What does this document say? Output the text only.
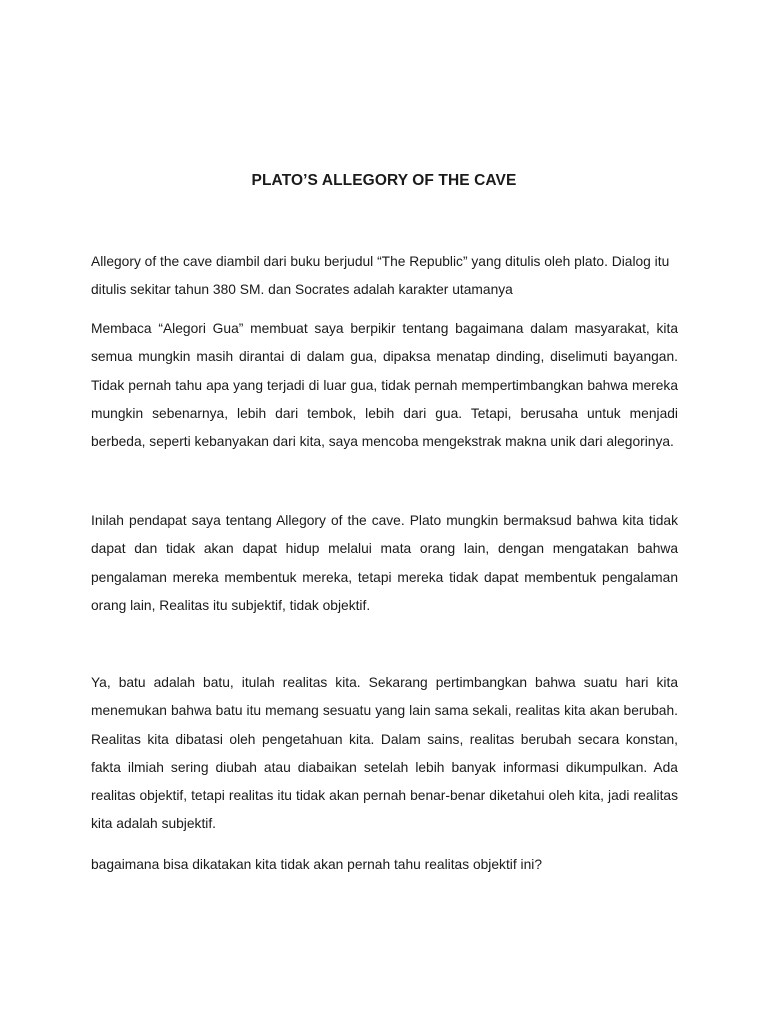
PLATO’S ALLEGORY OF THE CAVE

Allegory of the cave diambil dari buku berjudul “The Republic” yang ditulis oleh plato. Dialog itu ditulis sekitar tahun 380 SM. dan Socrates adalah karakter utamanya

Membaca “Alegori Gua” membuat saya berpikir tentang bagaimana dalam masyarakat, kita semua mungkin masih dirantai di dalam gua, dipaksa menatap dinding, diselimuti bayangan. Tidak pernah tahu apa yang terjadi di luar gua, tidak pernah mempertimbangkan bahwa mereka mungkin sebenarnya, lebih dari tembok, lebih dari gua. Tetapi, berusaha untuk menjadi berbeda, seperti kebanyakan dari kita, saya mencoba mengekstrak makna unik dari alegorinya.

Inilah pendapat saya tentang Allegory of the cave. Plato mungkin bermaksud bahwa kita tidak dapat dan tidak akan dapat hidup melalui mata orang lain, dengan mengatakan bahwa pengalaman mereka membentuk mereka, tetapi mereka tidak dapat membentuk pengalaman orang lain, Realitas itu subjektif, tidak objektif.

Ya, batu adalah batu, itulah realitas kita. Sekarang pertimbangkan bahwa suatu hari kita menemukan bahwa batu itu memang sesuatu yang lain sama sekali, realitas kita akan berubah. Realitas kita dibatasi oleh pengetahuan kita. Dalam sains, realitas berubah secara konstan, fakta ilmiah sering diubah atau diabaikan setelah lebih banyak informasi dikumpulkan. Ada realitas objektif, tetapi realitas itu tidak akan pernah benar-benar diketahui oleh kita, jadi realitas kita adalah subjektif.

bagaimana bisa dikatakan kita tidak akan pernah tahu realitas objektif ini?
